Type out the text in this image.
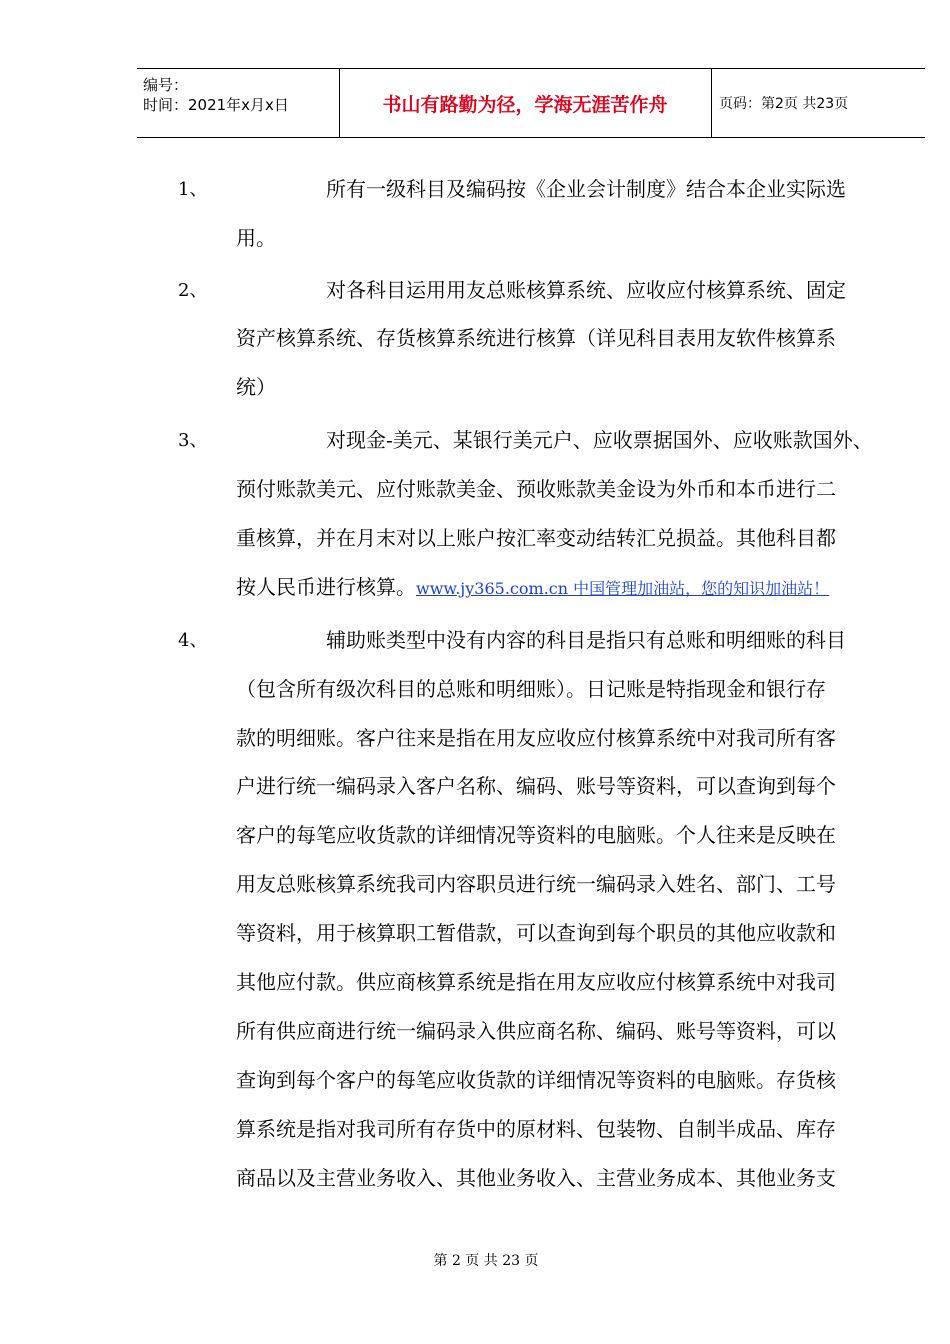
编号：
时间：2021年x月x日	书山有路勤为径，学海无涯苦作舟	页码：第2页 共23页
1、	所有一级科目及编码按《企业会计制度》结合本企业实际选
用。
2、	对各科目运用用友总账核算系统、应收应付核算系统、固定
资产核算系统、存货核算系统进行核算（详见科目表用友软件核算系
统）
3、	对现金-美元、某银行美元户、应收票据国外、应收账款国外、
预付账款美元、应付账款美金、预收账款美金设为外币和本币进行二
重核算，并在月末对以上账户按汇率变动结转汇兑损益。其他科目都
按人民币进行核算。www.jy365.com.cn 中国管理加油站，您的知识加油站！
4、	辅助账类型中没有内容的科目是指只有总账和明细账的科目
（包含所有级次科目的总账和明细账）。日记账是特指现金和银行存
款的明细账。客户往来是指在用友应收应付核算系统中对我司所有客
户进行统一编码录入客户名称、编码、账号等资料，可以查询到每个
客户的每笔应收货款的详细情况等资料的电脑账。个人往来是反映在
用友总账核算系统我司内容职员进行统一编码录入姓名、部门、工号
等资料，用于核算职工暂借款，可以查询到每个职员的其他应收款和
其他应付款。供应商核算系统是指在用友应收应付核算系统中对我司
所有供应商进行统一编码录入供应商名称、编码、账号等资料，可以
查询到每个客户的每笔应收货款的详细情况等资料的电脑账。存货核
算系统是指对我司所有存货中的原材料、包装物、自制半成品、库存
商品以及主营业务收入、其他业务收入、主营业务成本、其他业务支
第 2 页 共 23 页
